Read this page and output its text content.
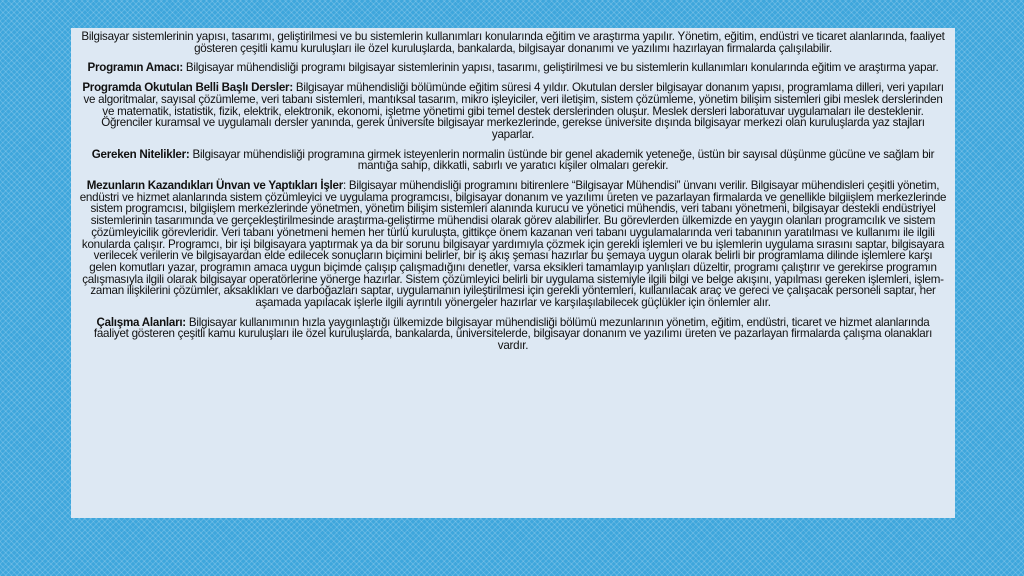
Bilgisayar sistemlerinin yapısı, tasarımı, geliştirilmesi ve bu sistemlerin kullanımları konularında eğitim ve araştırma yapılır. Yönetim, eğitim, endüstri ve ticaret alanlarında, faaliyet gösteren çeşitli kamu kuruluşları ile özel kuruluşlarda, bankalarda, bilgisayar donanımı ve yazılımı hazırlayan firmalarda çalışılabilir.

Programın Amacı: Bilgisayar mühendisliği programı bilgisayar sistemlerinin yapısı, tasarımı, geliştirilmesi ve bu sistemlerin kullanımları konularında eğitim ve araştırma yapar.

Programda Okutulan Belli Başlı Dersler: Bilgisayar mühendisliği bölümünde eğitim süresi 4 yıldır. Okutulan dersler bilgisayar donanım yapısı, programlama dilleri, veri yapıları ve algoritmalar, sayısal çözümleme, veri tabanı sistemleri, mantıksal tasarım, mikro işleyiciler, veri iletişim, sistem çözümleme, yönetim bilişim sistemleri gibi meslek derslerinden ve matematik, istatistik, fizik, elektrik, elektronik, ekonomi, işletme yönetimi gibi temel destek derslerinden oluşur. Meslek dersleri laboratuvar uygulamaları ile desteklenir. Öğrenciler kuramsal ve uygulamalı dersler yanında, gerek üniversite bilgisayar merkezlerinde, gerekse üniversite dışında bilgisayar merkezi olan kuruluşlarda yaz stajları yaparlar.

Gereken Nitelikler: Bilgisayar mühendisliği programına girmek isteyenlerin normalin üstünde bir genel akademik yeteneğe, üstün bir sayısal düşünme gücüne ve sağlam bir mantığa sahip, dikkatli, sabırlı ve yaratıcı kişiler olmaları gerekir.

Mezunların Kazandıkları Ünvan ve Yaptıkları İşler: Bilgisayar mühendisliği programını bitirenlere “Bilgisayar Mühendisi” ünvanı verilir. Bilgisayar mühendisleri çeşitli yönetim, endüstri ve hizmet alanlarında sistem çözümleyici ve uygulama programcısı, bilgisayar donanım ve yazılımı üreten ve pazarlayan firmalarda ve genellikle bilgiişlem merkezlerinde sistem programcısı, bilgiişlem merkezlerinde yönetmen, yönetim bilişim sistemleri alanında kurucu ve yönetici mühendis, veri tabanı yönetmeni, bilgisayar destekli endüstriyel sistemlerinin tasarımında ve gerçekleştirilmesinde araştırma-geliştirme mühendisi olarak görev alabilirler. Bu görevlerden ülkemizde en yaygın olanları programcılık ve sistem çözümleyicilik görevleridir. Veri tabanı yönetmeni hemen her türlü kuruluşta, gittikçe önem kazanan veri tabanı uygulamalarında veri tabanının yaratılması ve kullanımı ile ilgili konularda çalışır. Programcı, bir işi bilgisayara yaptırmak ya da bir sorunu bilgisayar yardımıyla çözmek için gerekli işlemleri ve bu işlemlerin uygulama sırasını saptar, bilgisayara verilecek verilerin ve bilgisayardan elde edilecek sonuçların biçimini belirler, bir iş akış şeması hazırlar bu şemaya uygun olarak belirli bir programlama dilinde işlemlere karşı gelen komutları yazar, programın amaca uygun biçimde çalışıp çalışmadığını denetler, varsa eksikleri tamamlayıp yanlışları düzeltir, programı çalıştırır ve gerekirse programın çalışmasıyla ilgili olarak bilgisayar operatörlerine yönerge hazırlar. Sistem çözümleyici belirli bir uygulama sistemiyle ilgili bilgi ve belge akışını, yapılması gereken işlemleri, işlem-zaman ilişkilerini çözümler, aksaklıkları ve darboğazları saptar, uygulamanın iyileştirilmesi için gerekli yöntemleri, kullanılacak araç ve gereci ve çalışacak personeli saptar, her aşamada yapılacak işlerle ilgili ayrıntılı yönergeler hazırlar ve karşılaşılabilecek güçlükler için önlemler alır.

Çalışma Alanları: Bilgisayar kullanımının hızla yaygınlaştığı ülkemizde bilgisayar mühendisliği bölümü mezunlarının yönetim, eğitim, endüstri, ticaret ve hizmet alanlarında faaliyet gösteren çeşitli kamu kuruluşları ile özel kuruluşlarda, bankalarda, üniversitelerde, bilgisayar donanım ve yazılımı üreten ve pazarlayan firmalarda çalışma olanakları vardır.
